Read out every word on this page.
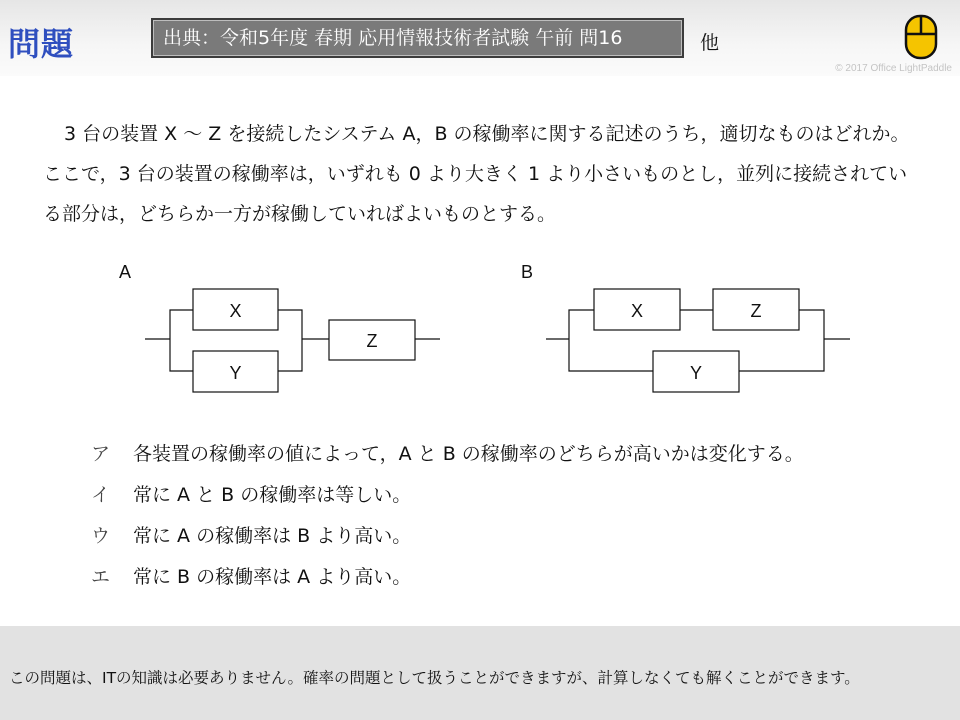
問題	出典：令和5年度 春期 応用情報技術者試験 午前 問16	他
© 2017 Office LightPaddle

3 台の装置 X ～ Z を接続したシステム A，B の稼働率に関する記述のうち，適切なものはどれか。ここで，3 台の装置の稼働率は，いずれも 0 より大きく 1 より小さいものとし，並列に接続されている部分は，どちらか一方が稼働していればよいものとする。

A
X
Y
Z
B
X	Z
Y
ア 各装置の稼働率の値によって，A と B の稼働率のどちらが高いかは変化する。
イ 常に A と B の稼働率は等しい。
ウ 常に A の稼働率は B より高い。
エ 常に B の稼働率は A より高い。
この問題は、ITの知識は必要ありません。確率の問題として扱うことができますが、計算しなくても解くことができます。
